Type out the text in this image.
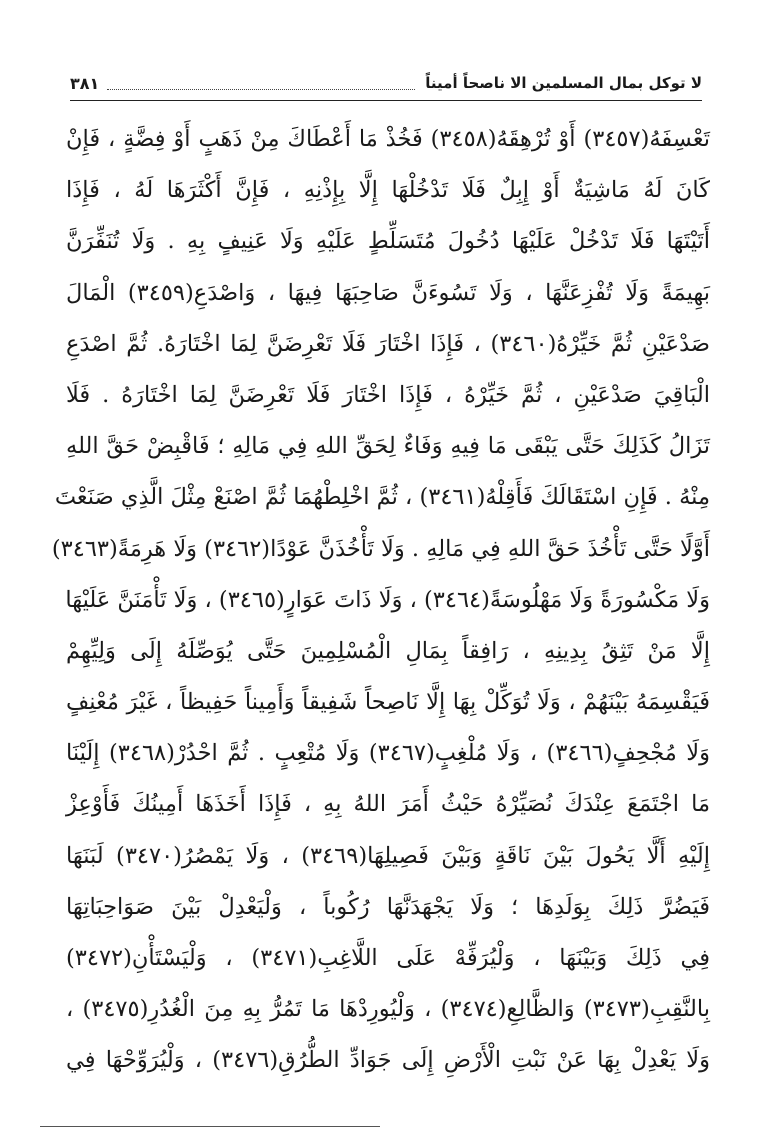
لا توكل بمال المسلمين الا ناصحاً أميناً
٣٨١
تَعْسِفَهُ(٣٤٥٧) أَوْ تُرْهِقَهُ(٣٤٥٨) فَخُذْ مَا أَعْطَاكَ مِنْ ذَهَبٍ أَوْ فِضَّةٍ ، فَإِنْ
كَانَ لَهُ مَاشِيَةٌ أَوْ إِبِلٌ فَلَا تَدْخُلْهَا إِلَّا بِإِذْنِهِ ، فَإِنَّ أَكْثَرَهَا لَهُ ، فَإِذَا
أَتَيْتَهَا فَلَا تَدْخُلْ عَلَيْهَا دُخُولَ مُتَسَلِّطٍ عَلَيْهِ وَلَا عَنِيفٍ بِهِ . وَلَا تُنَفِّرَنَّ
بَهِيمَةً وَلَا تُفْزِعَنَّهَا ، وَلَا تَسُوءَنَّ صَاحِبَهَا فِيهَا ، وَاصْدَعِ(٣٤٥٩) الْمَالَ
صَدْعَيْنِ ثُمَّ خَيِّرْهُ(٣٤٦٠) ، فَإِذَا اخْتَارَ فَلَا تَعْرِضَنَّ لِمَا اخْتَارَهُ. ثُمَّ اصْدَعِ
الْبَاقِيَ صَدْعَيْنِ ، ثُمَّ خَيِّرْهُ ، فَإِذَا اخْتَارَ فَلَا تَعْرِضَنَّ لِمَا اخْتَارَهُ . فَلَا
تَزَالُ كَذَلِكَ حَتَّى يَبْقَى مَا فِيهِ وَفَاءٌ لِحَقِّ اللهِ فِي مَالِهِ ؛ فَاقْبِضْ حَقَّ اللهِ
مِنْهُ . فَإِنِ اسْتَقَالَكَ فَأَقِلْهُ(٣٤٦١) ، ثُمَّ اخْلِطْهُمَا ثُمَّ اصْنَعْ مِثْلَ الَّذِي صَنَعْتَ
أَوَّلًا حَتَّى تَأْخُذَ حَقَّ اللهِ فِي مَالِهِ . وَلَا تَأْخُذَنَّ عَوْدًا(٣٤٦٢) وَلَا هَرِمَةً(٣٤٦٣)
وَلَا مَكْسُورَةً وَلَا مَهْلُوسَةً(٣٤٦٤) ، وَلَا ذَاتَ عَوَارٍ(٣٤٦٥) ، وَلَا تَأْمَنَنَّ عَلَيْهَا
إِلَّا مَنْ تَثِقُ بِدِينِهِ ، رَافِقاً بِمَالِ الْمُسْلِمِينَ حَتَّى يُوَصِّلَهُ إِلَى وَلِيِّهِمْ
فَيَقْسِمَهُ بَيْنَهُمْ ، وَلَا تُوَكِّلْ بِهَا إِلَّا نَاصِحاً شَفِيقاً وَأَمِيناً حَفِيظاً ، غَيْرَ مُعْنِفٍ
وَلَا مُجْحِفٍ(٣٤٦٦) ، وَلَا مُلْغِبٍ(٣٤٦٧) وَلَا مُتْعِبٍ . ثُمَّ احْدُرْ(٣٤٦٨) إِلَيْنَا
مَا اجْتَمَعَ عِنْدَكَ نُصَيِّرْهُ حَيْثُ أَمَرَ اللهُ بِهِ ، فَإِذَا أَخَذَهَا أَمِينُكَ فَأَوْعِزْ
إِلَيْهِ أَلَّا يَحُولَ بَيْنَ نَاقَةٍ وَبَيْنَ فَصِيلِهَا(٣٤٦٩) ، وَلَا يَمْصُرُ(٣٤٧٠) لَبَنَهَا
فَيَضُرَّ ذَلِكَ بِوَلَدِهَا ؛ وَلَا يَجْهَدَنَّهَا رُكُوباً ، وَلْيَعْدِلْ بَيْنَ صَوَاحِبَاتِهَا
فِي ذَلِكَ وَبَيْنَهَا ، وَلْيُرَفِّهْ عَلَى اللَّاغِبِ(٣٤٧١) ، وَلْيَسْتَأْنِ(٣٤٧٢)
بِالنَّقِبِ(٣٤٧٣) وَالظَّالِعِ(٣٤٧٤) ، وَلْيُورِدْهَا مَا تَمُرُّ بِهِ مِنَ الْغُدُرِ(٣٤٧٥) ،
وَلَا يَعْدِلْ بِهَا عَنْ نَبْتِ الْأَرْضِ إِلَى جَوَادِّ الطُّرُقِ(٣٤٧٦) ، وَلْيُرَوِّحْهَا فِي
